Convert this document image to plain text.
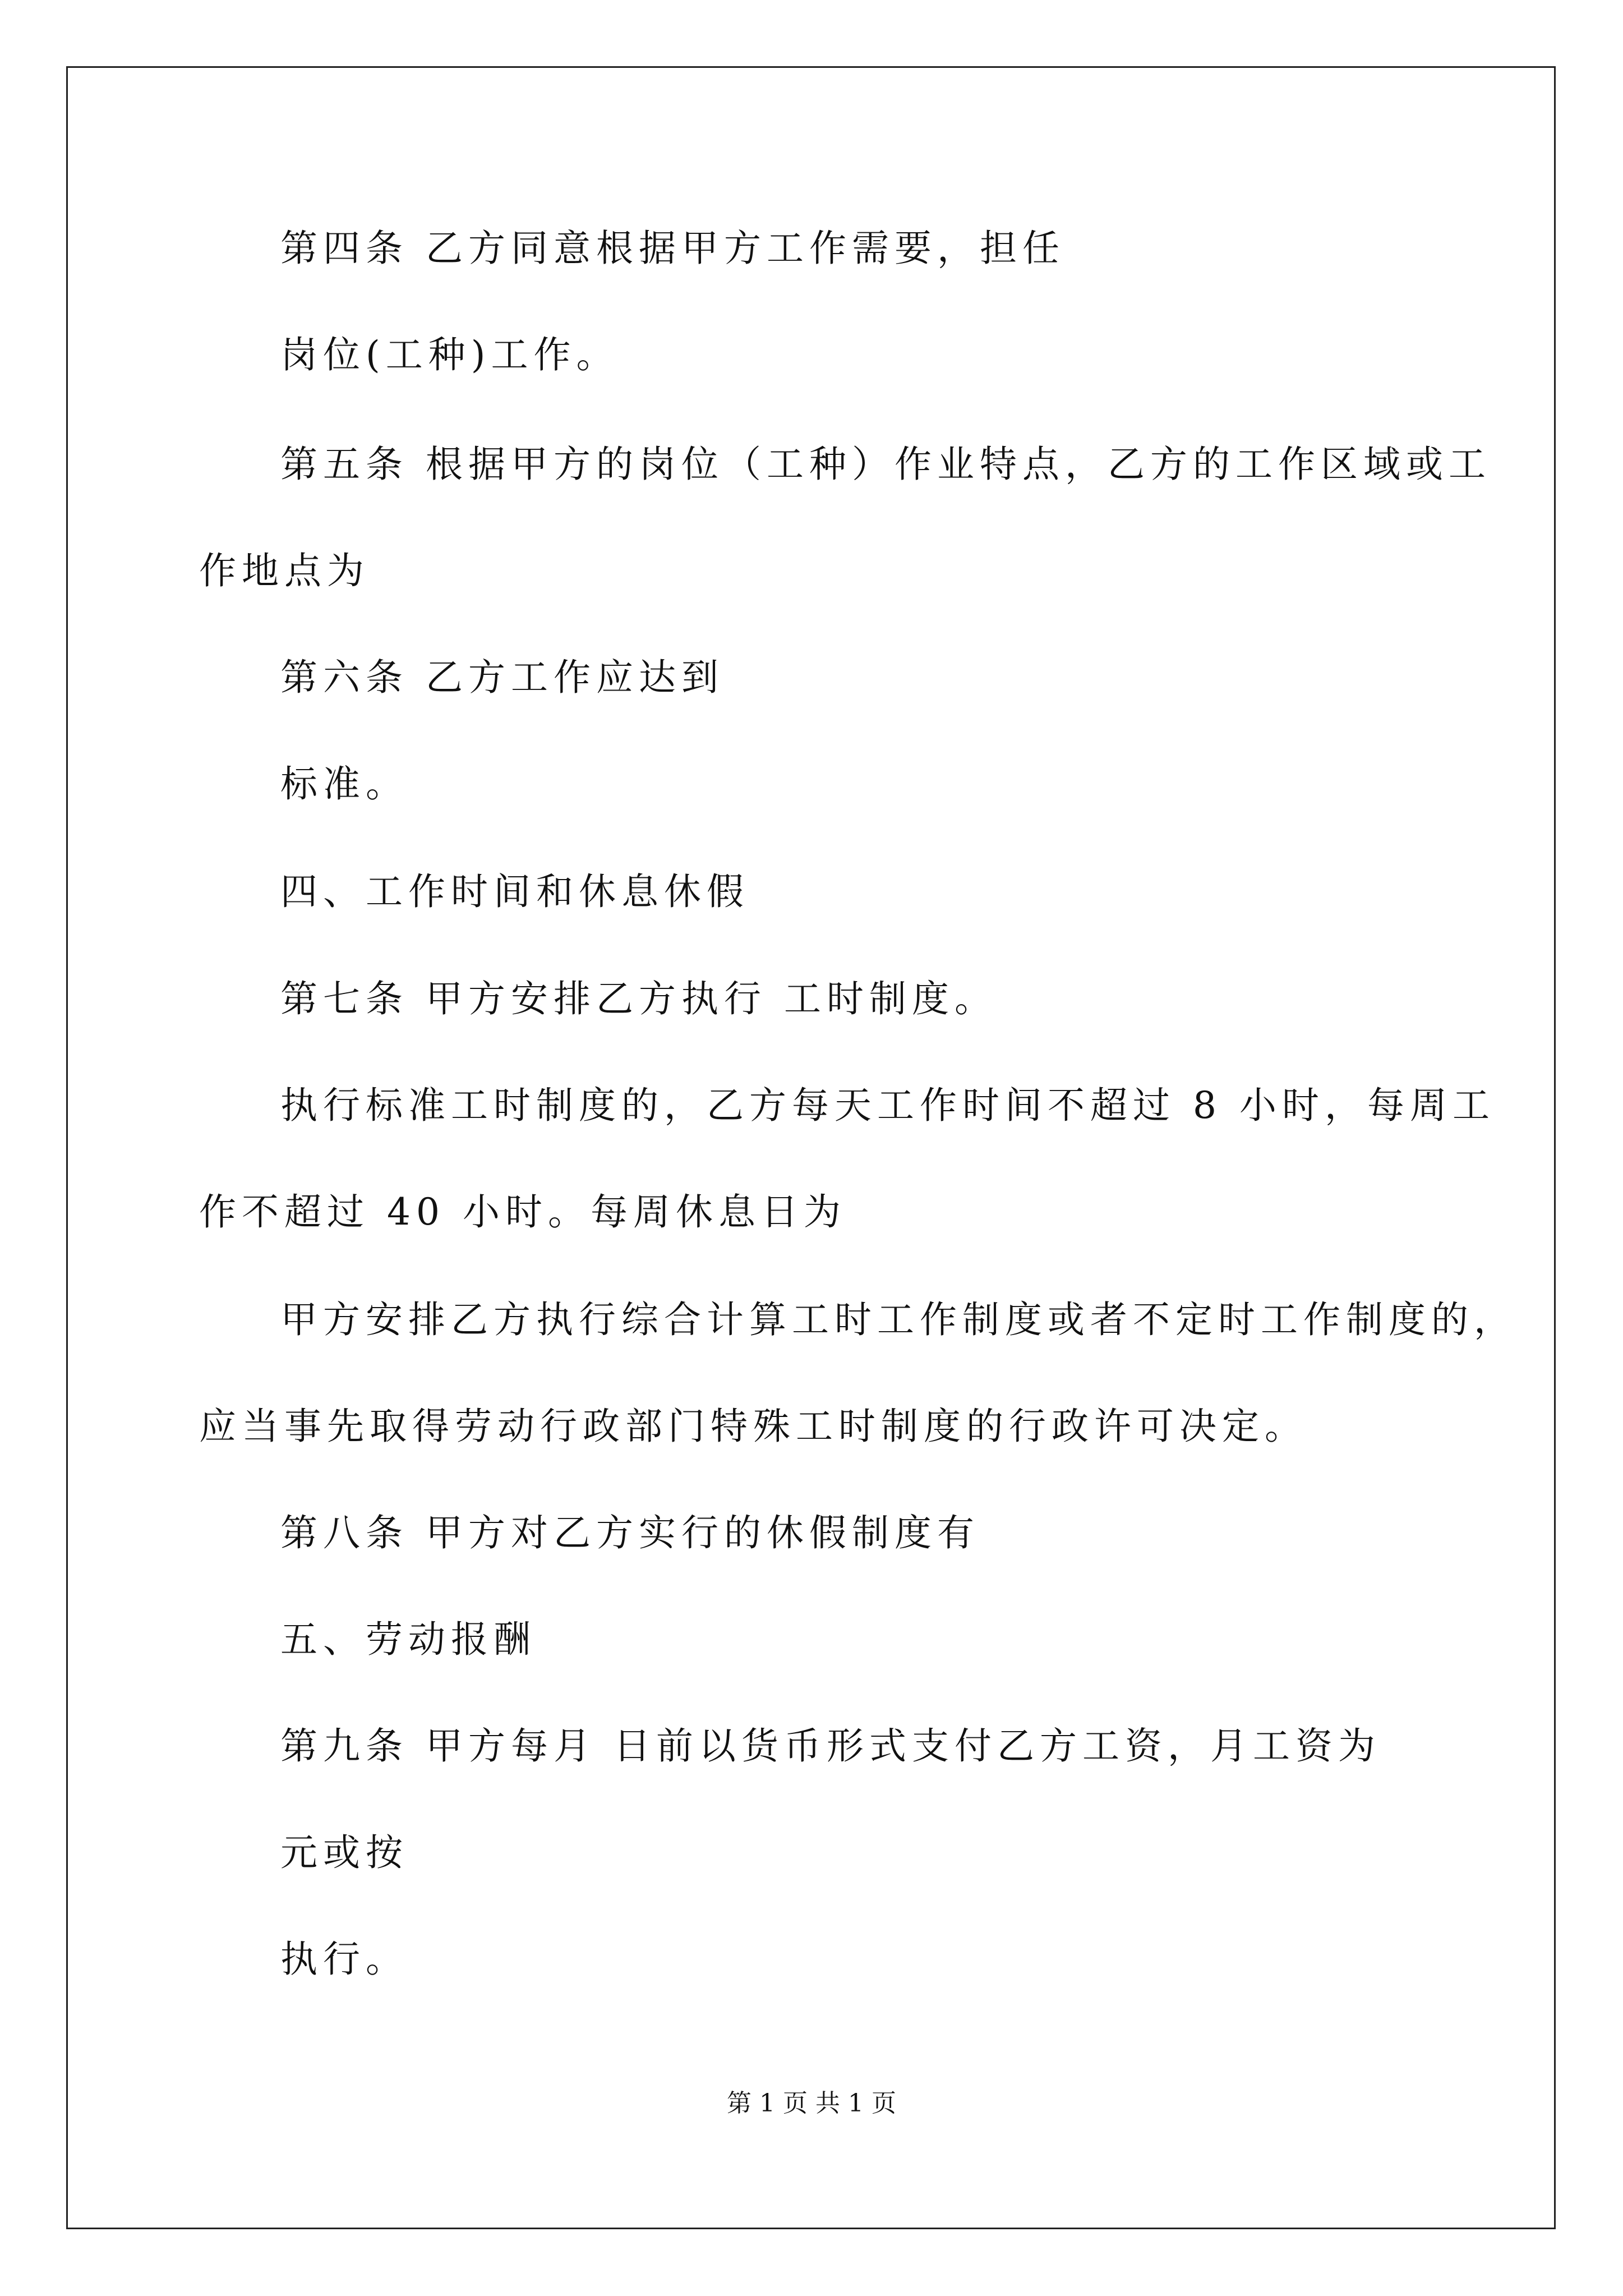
第四条 乙方同意根据甲方工作需要，担任
岗位(工种)工作。
第五条 根据甲方的岗位（工种）作业特点，乙方的工作区域或工
作地点为
第六条 乙方工作应达到
标准。
四、工作时间和休息休假
第七条 甲方安排乙方执行 工时制度。
执行标准工时制度的，乙方每天工作时间不超过 8 小时，每周工
作不超过 40 小时。每周休息日为
甲方安排乙方执行综合计算工时工作制度或者不定时工作制度的，
应当事先取得劳动行政部门特殊工时制度的行政许可决定。
第八条 甲方对乙方实行的休假制度有
五、劳动报酬
第九条 甲方每月 日前以货币形式支付乙方工资，月工资为
元或按
执行。
第 1 页 共 1 页
